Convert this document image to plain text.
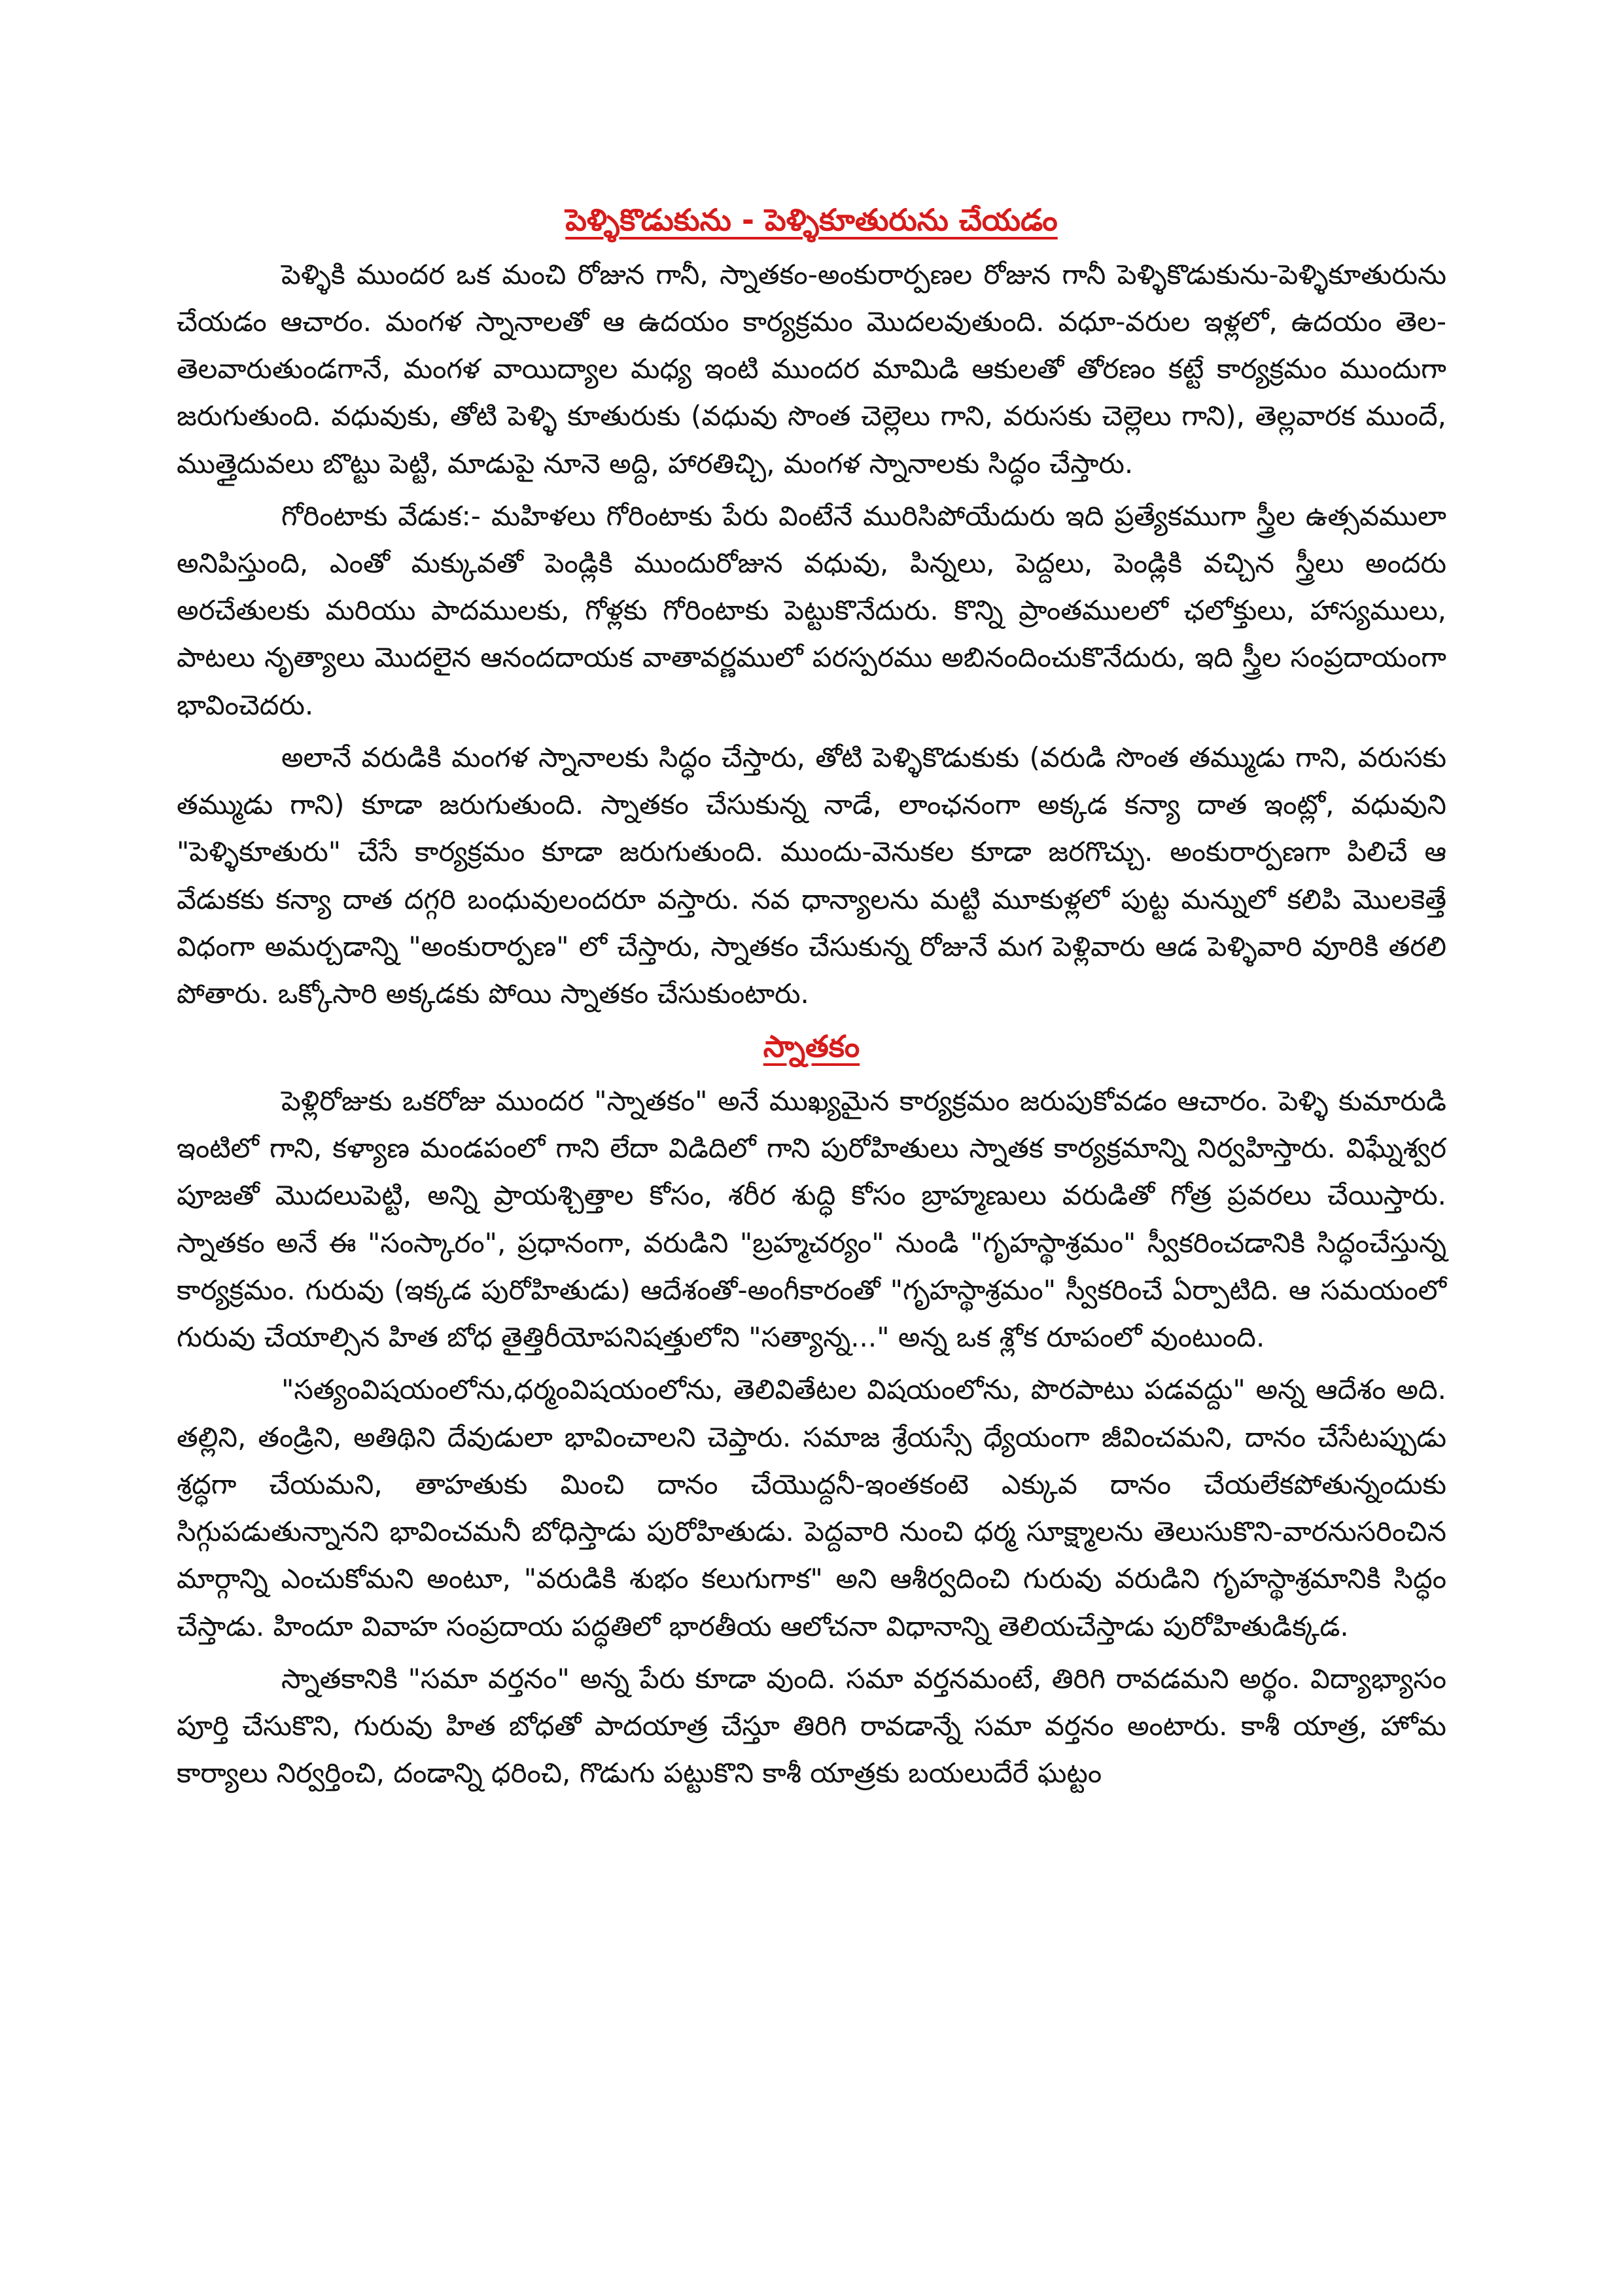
పెళ్ళికొడుకును - పెళ్ళికూతురును చేయడం

పెళ్ళికి ముందర ఒక మంచి రోజున గానీ, స్నాతకం-అంకురార్పణల రోజున గానీ పెళ్ళికొడుకును-పెళ్ళికూతురును చేయడం ఆచారం. మంగళ స్నానాలతో ఆ ఉదయం కార్యక్రమం మొదలవుతుంది. వధూ-వరుల ఇళ్లలో, ఉదయం తెల-తెలవారుతుండగానే, మంగళ వాయిద్యాల మధ్య ఇంటి ముందర మామిడి ఆకులతో తోరణం కట్టే కార్యక్రమం ముందుగా జరుగుతుంది. వధువుకు, తోటి పెళ్ళి కూతురుకు (వధువు సొంత చెల్లెలు గాని, వరుసకు చెల్లెలు గాని), తెల్లవారక ముందే, ముత్తైదువలు బొట్టు పెట్టి, మాడుపై నూనె అద్ది, హారతిచ్చి, మంగళ స్నానాలకు సిద్ధం చేస్తారు.

గోరింటాకు వేడుక:- మహిళలు గోరింటాకు పేరు వింటేనే మురిసిపోయేదురు ఇది ప్రత్యేకముగా స్త్రీల ఉత్సవములా అనిపిస్తుంది, ఎంతో మక్కువతో పెండ్లికి ముందురోజున వధువు, పిన్నలు, పెద్దలు, పెండ్లికి వచ్చిన స్త్రీలు అందరు అరచేతులకు మరియు పాదములకు, గోళ్లకు గోరింటాకు పెట్టుకొనేదురు. కొన్ని ప్రాంతములలో ఛలోక్తులు, హాస్యములు, పాటలు నృత్యాలు మొదలైన ఆనందదాయక వాతావర్ణములో పరస్పరము అబినందించుకొనేదురు, ఇది స్త్రీల సంప్రదాయంగా భావించెదరు.

అలానే వరుడికి మంగళ స్నానాలకు సిద్ధం చేస్తారు, తోటి పెళ్ళికొడుకుకు (వరుడి సొంత తమ్ముడు గాని, వరుసకు తమ్ముడు గాని) కూడా జరుగుతుంది. స్నాతకం చేసుకున్న నాడే, లాంఛనంగా అక్కడ కన్యా దాత ఇంట్లో, వధువుని "పెళ్ళికూతురు" చేసే కార్యక్రమం కూడా జరుగుతుంది. ముందు-వెనుకల కూడా జరగొచ్చు. అంకురార్పణగా పిలిచే ఆ వేడుకకు కన్యా దాత దగ్గరి బంధువులందరూ వస్తారు. నవ ధాన్యాలను మట్టి మూకుళ్లలో పుట్ట మన్నులో కలిపి మొలకెత్తే విధంగా అమర్చడాన్ని "అంకురార్పణ" లో చేస్తారు, స్నాతకం చేసుకున్న రోజునే మగ పెళ్లివారు ఆడ పెళ్ళివారి వూరికి తరలి పోతారు. ఒక్కోసారి అక్కడకు పోయి స్నాతకం చేసుకుంటారు.

స్నాతకం

పెళ్లిరోజుకు ఒకరోజు ముందర "స్నాతకం" అనే ముఖ్యమైన కార్యక్రమం జరుపుకోవడం ఆచారం. పెళ్ళి కుమారుడి ఇంటిలో గాని, కళ్యాణ మండపంలో గాని లేదా విడిదిలో గాని పురోహితులు స్నాతక కార్యక్రమాన్ని నిర్వహిస్తారు. విఘ్నేశ్వర పూజతో మొదలుపెట్టి, అన్ని ప్రాయశ్చిత్తాల కోసం, శరీర శుద్ధి కోసం బ్రాహ్మణులు వరుడితో గోత్ర ప్రవరలు చేయిస్తారు. స్నాతకం అనే ఈ "సంస్కారం", ప్రధానంగా, వరుడిని "బ్రహ్మచర్యం" నుండి "గృహస్థాశ్రమం" స్వీకరించడానికి సిద్ధంచేస్తున్న కార్యక్రమం. గురువు (ఇక్కడ పురోహితుడు) ఆదేశంతో-అంగీకారంతో "గృహస్థాశ్రమం" స్వీకరించే ఏర్పాటిది. ఆ సమయంలో గురువు చేయాల్సిన హిత బోధ తైత్తిరీయోపనిషత్తులోని "సత్యాన్న..." అన్న ఒక శ్లోక రూపంలో వుంటుంది.

"సత్యంవిషయంలోను,ధర్మంవిషయంలోను, తెలివితేటల విషయంలోను, పొరపాటు పడవద్దు" అన్న ఆదేశం అది. తల్లిని, తండ్రిని, అతిథిని దేవుడులా భావించాలని చెప్తారు. సమాజ శ్రేయస్సే ధ్యేయంగా జీవించమని, దానం చేసేటప్పుడు శ్రద్ధగా చేయమని, తాహతుకు మించి దానం చేయొద్దనీ-ఇంతకంటె ఎక్కువ దానం చేయలేకపోతున్నందుకు సిగ్గుపడుతున్నానని భావించమనీ బోధిస్తాడు పురోహితుడు. పెద్దవారి నుంచి ధర్మ సూక్ష్మాలను తెలుసుకొని-వారనుసరించిన మార్గాన్ని ఎంచుకోమని అంటూ, "వరుడికి శుభం కలుగుగాక" అని ఆశీర్వదించి గురువు వరుడిని గృహస్థాశ్రమానికి సిద్ధం చేస్తాడు. హిందూ వివాహ సంప్రదాయ పద్ధతిలో భారతీయ ఆలోచనా విధానాన్ని తెలియచేస్తాడు పురోహితుడిక్కడ.

స్నాతకానికి "సమా వర్తనం" అన్న పేరు కూడా వుంది. సమా వర్తనమంటే, తిరిగి రావడమని అర్థం. విద్యాభ్యాసం పూర్తి చేసుకొని, గురువు హిత బోధతో పాదయాత్ర చేస్తూ తిరిగి రావడాన్నే సమా వర్తనం అంటారు. కాశీ యాత్ర, హోమ కార్యాలు నిర్వర్తించి, దండాన్ని ధరించి, గొడుగు పట్టుకొని కాశీ యాత్రకు బయలుదేరే ఘట్టం
